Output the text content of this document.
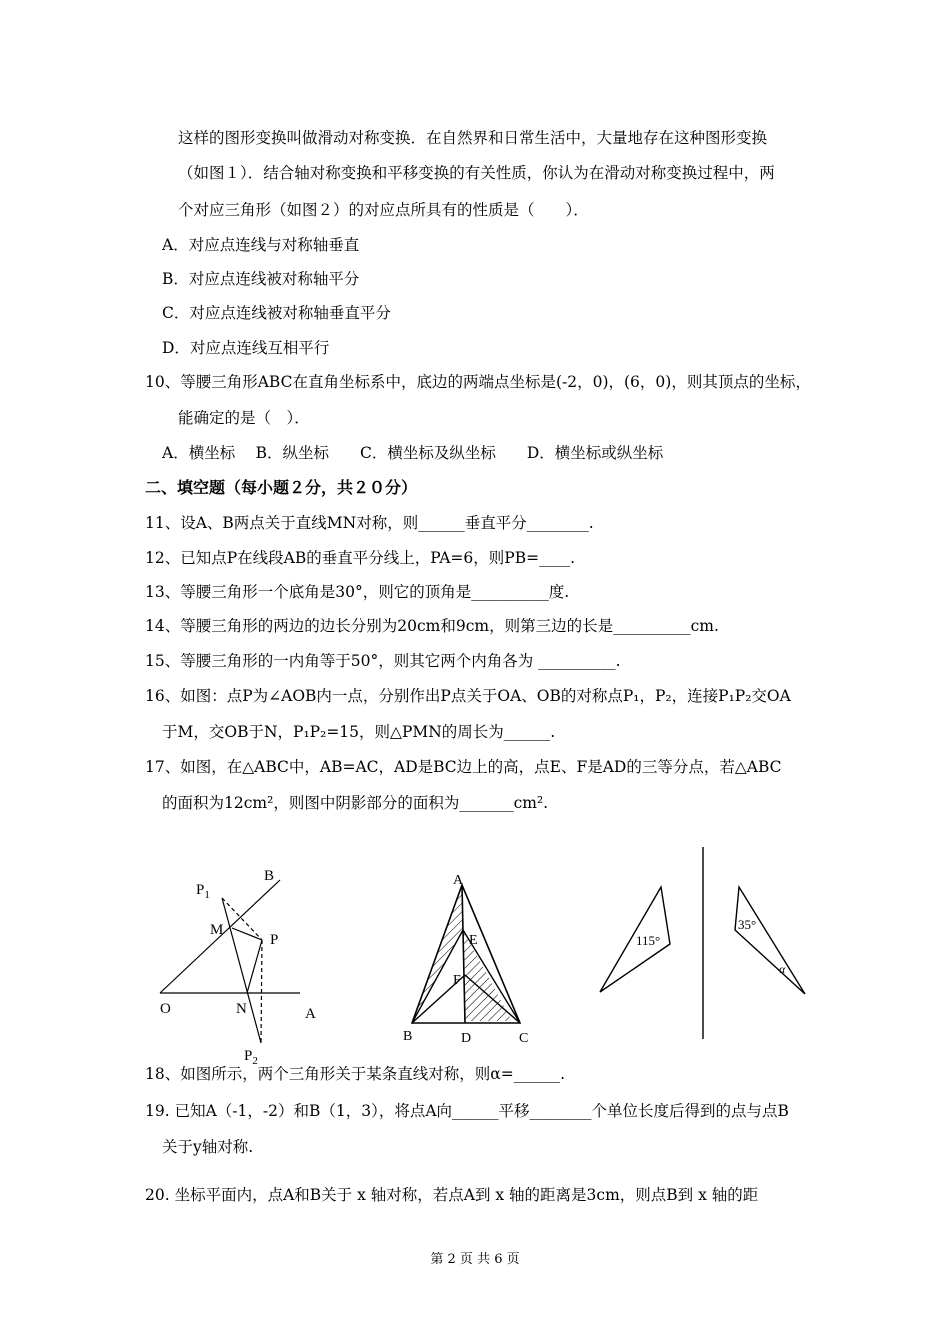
这样的图形变换叫做滑动对称变换．在自然界和日常生活中，大量地存在这种图形变换
（如图１）．结合轴对称变换和平移变换的有关性质，你认为在滑动对称变换过程中，两
个对应三角形（如图２）的对应点所具有的性质是（　　）．
A．对应点连线与对称轴垂直
B．对应点连线被对称轴平分
C．对应点连线被对称轴垂直平分
D．对应点连线互相平行
10、等腰三角形ABC在直角坐标系中，底边的两端点坐标是(-2，0)，(6，0)，则其顶点的坐标，
能确定的是（　）．
A．横坐标　 B．纵坐标　　C．横坐标及纵坐标　　D．横坐标或纵坐标
二、填空题（每小题２分，共２０分）
11、设A、B两点关于直线MN对称，则______垂直平分________.
12、已知点P在线段AB的垂直平分线上，PA=6，则PB=____.
13、等腰三角形一个底角是30°，则它的顶角是__________度.
14、等腰三角形的两边的边长分别为20cm和9cm，则第三边的长是__________cm.
15、等腰三角形的一内角等于50°，则其它两个内角各为 __________.
16、如图：点P为∠AOB内一点，分别作出P点关于OA、OB的对称点P₁，P₂，连接P₁P₂交OA
于M，交OB于N，P₁P₂=15，则△PMN的周长为______.
17、如图，在△ABC中，AB=AC，AD是BC边上的高，点E、F是AD的三等分点，若△ABC
的面积为12cm²，则图中阴影部分的面积为_______cm².
B
$P_1$
M
P
O	N	A
$P_2$
A
E
F
B	D	C
115°
35°
α
18、如图所示，两个三角形关于某条直线对称，则α=______.
19. 已知A（-1，-2）和B（1，3），将点A向______平移________个单位长度后得到的点与点B
关于y轴对称.
20. 坐标平面内，点A和B关于 x 轴对称，若点A到 x 轴的距离是3cm，则点B到 x 轴的距
第 2 页 共 6 页
